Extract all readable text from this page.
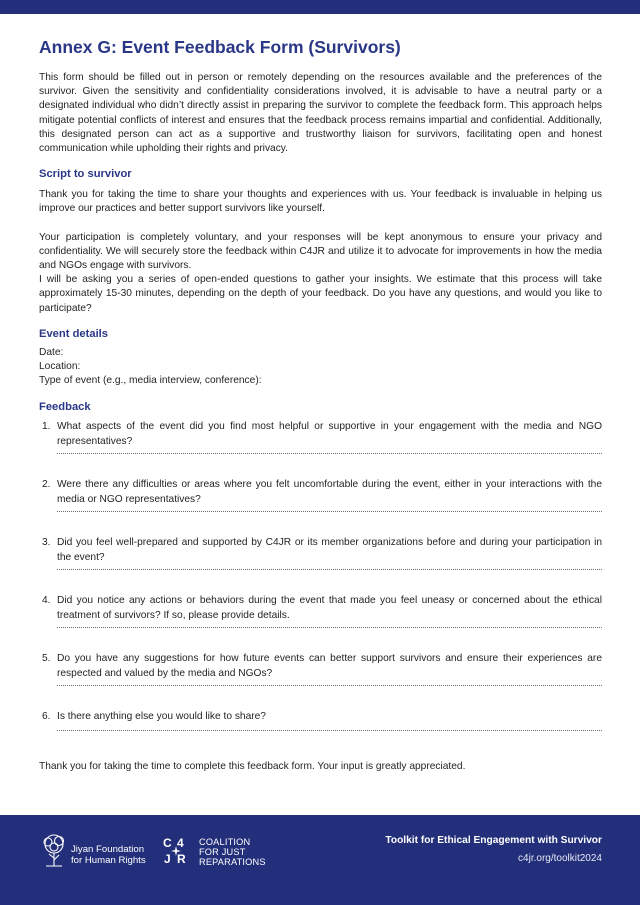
Annex G: Event Feedback Form (Survivors)

This form should be filled out in person or remotely depending on the resources available and the preferences of the survivor. Given the sensitivity and confidentiality considerations involved, it is advisable to have a neutral party or a designated individual who didn’t directly assist in preparing the survivor to complete the feedback form. This approach helps mitigate potential conflicts of interest and ensures that the feedback process remains impartial and confidential. Additionally, this designated person can act as a supportive and trustworthy liaison for survivors, facilitating open and honest communication while upholding their rights and privacy.

Script to survivor

Thank you for taking the time to share your thoughts and experiences with us. Your feedback is invaluable in helping us improve our practices and better support survivors like yourself.

Your participation is completely voluntary, and your responses will be kept anonymous to ensure your privacy and confidentiality. We will securely store the feedback within C4JR and utilize it to advocate for improvements in how the media and NGOs engage with survivors.

I will be asking you a series of open-ended questions to gather your insights. We estimate that this process will take approximately 15-30 minutes, depending on the depth of your feedback. Do you have any questions, and would you like to participate?

Event details
Date:
Location:
Type of event (e.g., media interview, conference):
Feedback
1. What aspects of the event did you find most helpful or supportive in your engagement with the media and NGO representatives?
2. Were there any difficulties or areas where you felt uncomfortable during the event, either in your interactions with the media or NGO representatives?
3. Did you feel well-prepared and supported by C4JR or its member organizations before and during your participation in the event?
4. Did you notice any actions or behaviors during the event that made you feel uneasy or concerned about the ethical treatment of survivors? If so, please provide details.
5. Do you have any suggestions for how future events can better support survivors and ensure their experiences are respected and valued by the media and NGOs?
6. Is there anything else you would like to share?

Thank you for taking the time to complete this feedback form. Your input is greatly appreciated.

Jiyan Foundation
for Human Rights
C 4
J R
COALITION
FOR JUST
REPARATIONS
Toolkit for Ethical Engagement with Survivor
c4jr.org/toolkit2024
